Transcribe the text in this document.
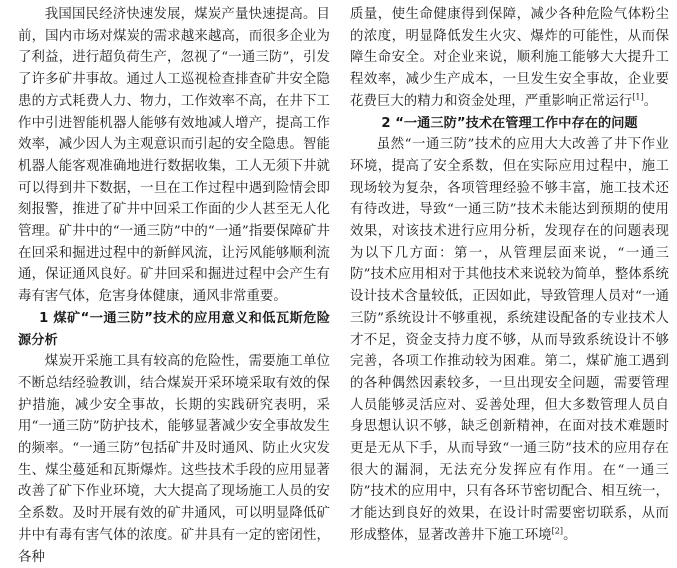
我国国民经济快速发展，煤炭产量快速提高。目前，国内市场对煤炭的需求越来越高，而很多企业为了利益，进行超负荷生产，忽视了“一通三防”，引发了许多矿井事故。通过人工巡视检查排查矿井安全隐患的方式耗费人力、物力，工作效率不高，在井下工作中引进智能机器人能够有效地减人增产，提高工作效率，减少因人为主观意识而引起的安全隐患。智能机器人能客观准确地进行数据收集，工人无须下井就可以得到井下数据，一旦在工作过程中遇到险情会即刻报警，推进了矿井中回采工作面的少人甚至无人化管理。矿井中的“一通三防”中的“一通”指要保障矿井在回采和掘进过程中的新鲜风流，让污风能够顺利流通，保证通风良好。矿井回采和掘进过程中会产生有毒有害气体，危害身体健康，通风非常重要。

1 煤矿“一通三防”技术的应用意义和低瓦斯危险源分析

煤炭开采施工具有较高的危险性，需要施工单位不断总结经验教训，结合煤炭开采环境采取有效的保护措施，减少安全事故，长期的实践研究表明，采用“一通三防”防护技术，能够显著减少安全事故发生的频率。“一通三防”包括矿井及时通风、防止火灾发生、煤尘蔓延和瓦斯爆炸。这些技术手段的应用显著改善了矿下作业环境，大大提高了现场施工人员的安全系数。及时开展有效的矿井通风，可以明显降低矿井中有毒有害气体的浓度。矿井具有一定的密闭性，各种

质量，使生命健康得到保障，减少各种危险气体粉尘的浓度，明显降低发生火灾、爆炸的可能性，从而保障生命安全。对企业来说，顺利施工能够大大提升工程效率，减少生产成本，一旦发生安全事故，企业要花费巨大的精力和资金处理，严重影响正常运行[1]。

2 “一通三防”技术在管理工作中存在的问题

虽然“一通三防”技术的应用大大改善了井下作业环境，提高了安全系数，但在实际应用过程中，施工现场较为复杂，各项管理经验不够丰富，施工技术还有待改进，导致“一通三防”技术未能达到预期的使用效果，对该技术进行应用分析，发现存在的问题表现为以下几方面：第一，从管理层面来说，“一通三防”技术应用相对于其他技术来说较为简单，整体系统设计技术含量较低，正因如此，导致管理人员对“一通三防”系统设计不够重视，系统建设配备的专业技术人才不足，资金支持力度不够，从而导致系统设计不够完善，各项工作推动较为困难。第二，煤矿施工遇到的各种偶然因素较多，一旦出现安全问题，需要管理人员能够灵活应对、妥善处理，但大多数管理人员自身思想认识不够，缺乏创新精神，在面对技术难题时更是无从下手，从而导致“一通三防”技术的应用存在很大的漏洞，无法充分发挥应有作用。在“一通三防”技术的应用中，只有各环节密切配合、相互统一，才能达到良好的效果，在设计时需要密切联系，从而形成整体，显著改善井下施工环境[2]。
